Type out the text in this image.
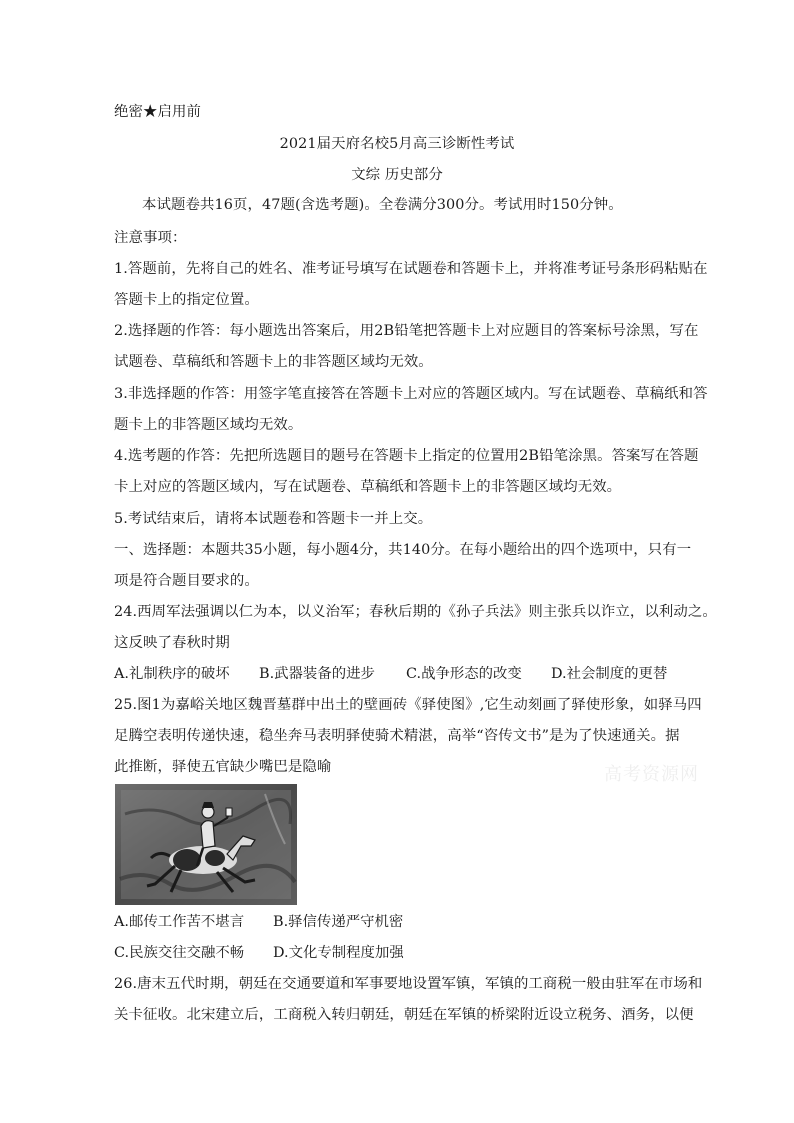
绝密★启用前
2021届天府名校5月高三诊断性考试
文综 历史部分
本试题卷共16页，47题(含选考题)。全卷满分300分。考试用时150分钟。
注意事项：
1.答题前，先将自己的姓名、准考证号填写在试题卷和答题卡上，并将准考证号条形码粘贴在
答题卡上的指定位置。
2.选择题的作答：每小题选出答案后，用2B铅笔把答题卡上对应题目的答案标号涂黑，写在
试题卷、草稿纸和答题卡上的非答题区域均无效。
3.非选择题的作答：用签字笔直接答在答题卡上对应的答题区域内。写在试题卷、草稿纸和答
题卡上的非答题区域均无效。
4.选考题的作答：先把所选题目的题号在答题卡上指定的位置用2B铅笔涂黑。答案写在答题
卡上对应的答题区域内，写在试题卷、草稿纸和答题卡上的非答题区域均无效。
5.考试结束后，请将本试题卷和答题卡一并上交。
一、选择题：本题共35小题，每小题4分，共140分。在每小题给出的四个选项中，只有一
项是符合题目要求的。
24.西周军法强调以仁为本，以义治军；春秋后期的《孙子兵法》则主张兵以诈立，以利动之。
这反映了春秋时期
A.礼制秩序的破坏 B.武器装备的进步 C.战争形态的改变 D.社会制度的更替
25.图1为嘉峪关地区魏晋墓群中出土的壁画砖《驿使图》,它生动刻画了驿使形象，如驿马四
足腾空表明传递快速，稳坐奔马表明驿使骑术精湛，高举“咨传文书”是为了快速通关。据
此推断，驿使五官缺少嘴巴是隐喻	高考资源网
A.邮传工作苦不堪言 B.驿信传递严守机密
C.民族交往交融不畅 D.文化专制程度加强
26.唐末五代时期，朝廷在交通要道和军事要地设置军镇，军镇的工商税一般由驻军在市场和
关卡征收。北宋建立后，工商税入转归朝廷，朝廷在军镇的桥梁附近设立税务、酒务，以便
